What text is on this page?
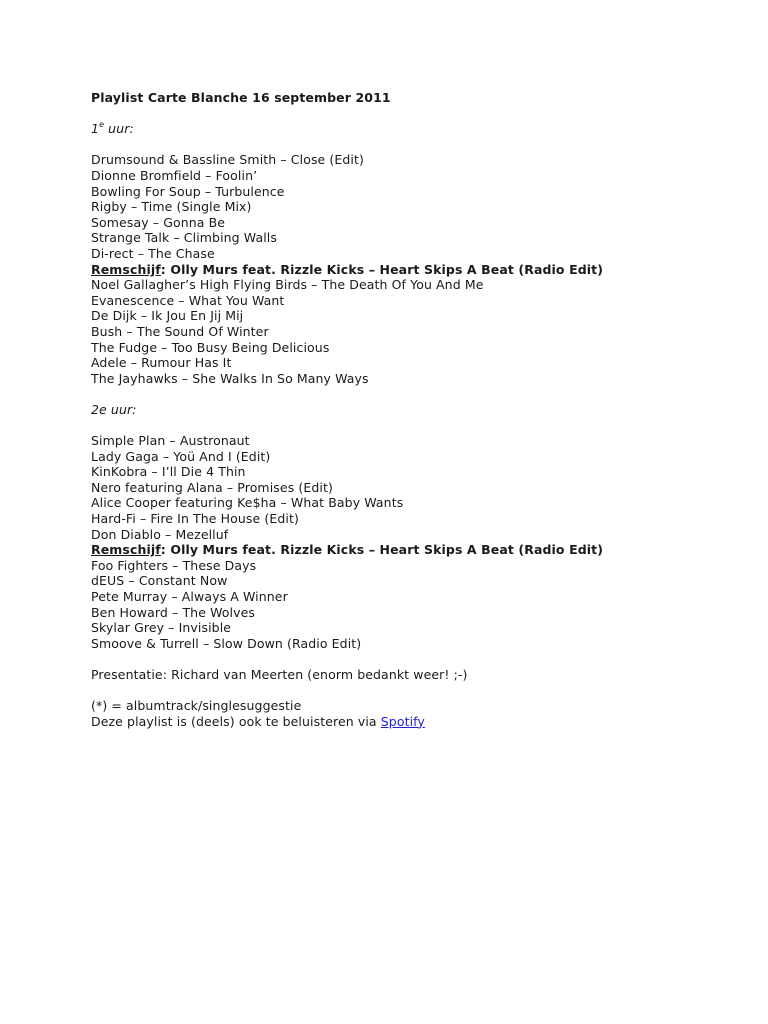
Playlist Carte Blanche 16 september 2011
1e uur:
Drumsound & Bassline Smith – Close (Edit)
Dionne Bromfield – Foolin’
Bowling For Soup – Turbulence
Rigby – Time (Single Mix)
Somesay – Gonna Be
Strange Talk – Climbing Walls
Di-rect – The Chase
Remschijf: Olly Murs feat. Rizzle Kicks – Heart Skips A Beat (Radio Edit)
Noel Gallagher’s High Flying Birds – The Death Of You And Me
Evanescence – What You Want
De Dijk – Ik Jou En Jij Mij
Bush – The Sound Of Winter
The Fudge – Too Busy Being Delicious
Adele – Rumour Has It
The Jayhawks – She Walks In So Many Ways
2e uur:
Simple Plan – Austronaut
Lady Gaga – Yoü And I (Edit)
KinKobra – I’ll Die 4 Thin
Nero featuring Alana – Promises (Edit)
Alice Cooper featuring Ke$ha – What Baby Wants
Hard-Fi – Fire In The House (Edit)
Don Diablo – Mezelluf
Remschijf: Olly Murs feat. Rizzle Kicks – Heart Skips A Beat (Radio Edit)
Foo Fighters – These Days
dEUS – Constant Now
Pete Murray – Always A Winner
Ben Howard – The Wolves
Skylar Grey – Invisible
Smoove & Turrell – Slow Down (Radio Edit)
Presentatie: Richard van Meerten (enorm bedankt weer! ;-)
(*) = albumtrack/singlesuggestie
Deze playlist is (deels) ook te beluisteren via Spotify
